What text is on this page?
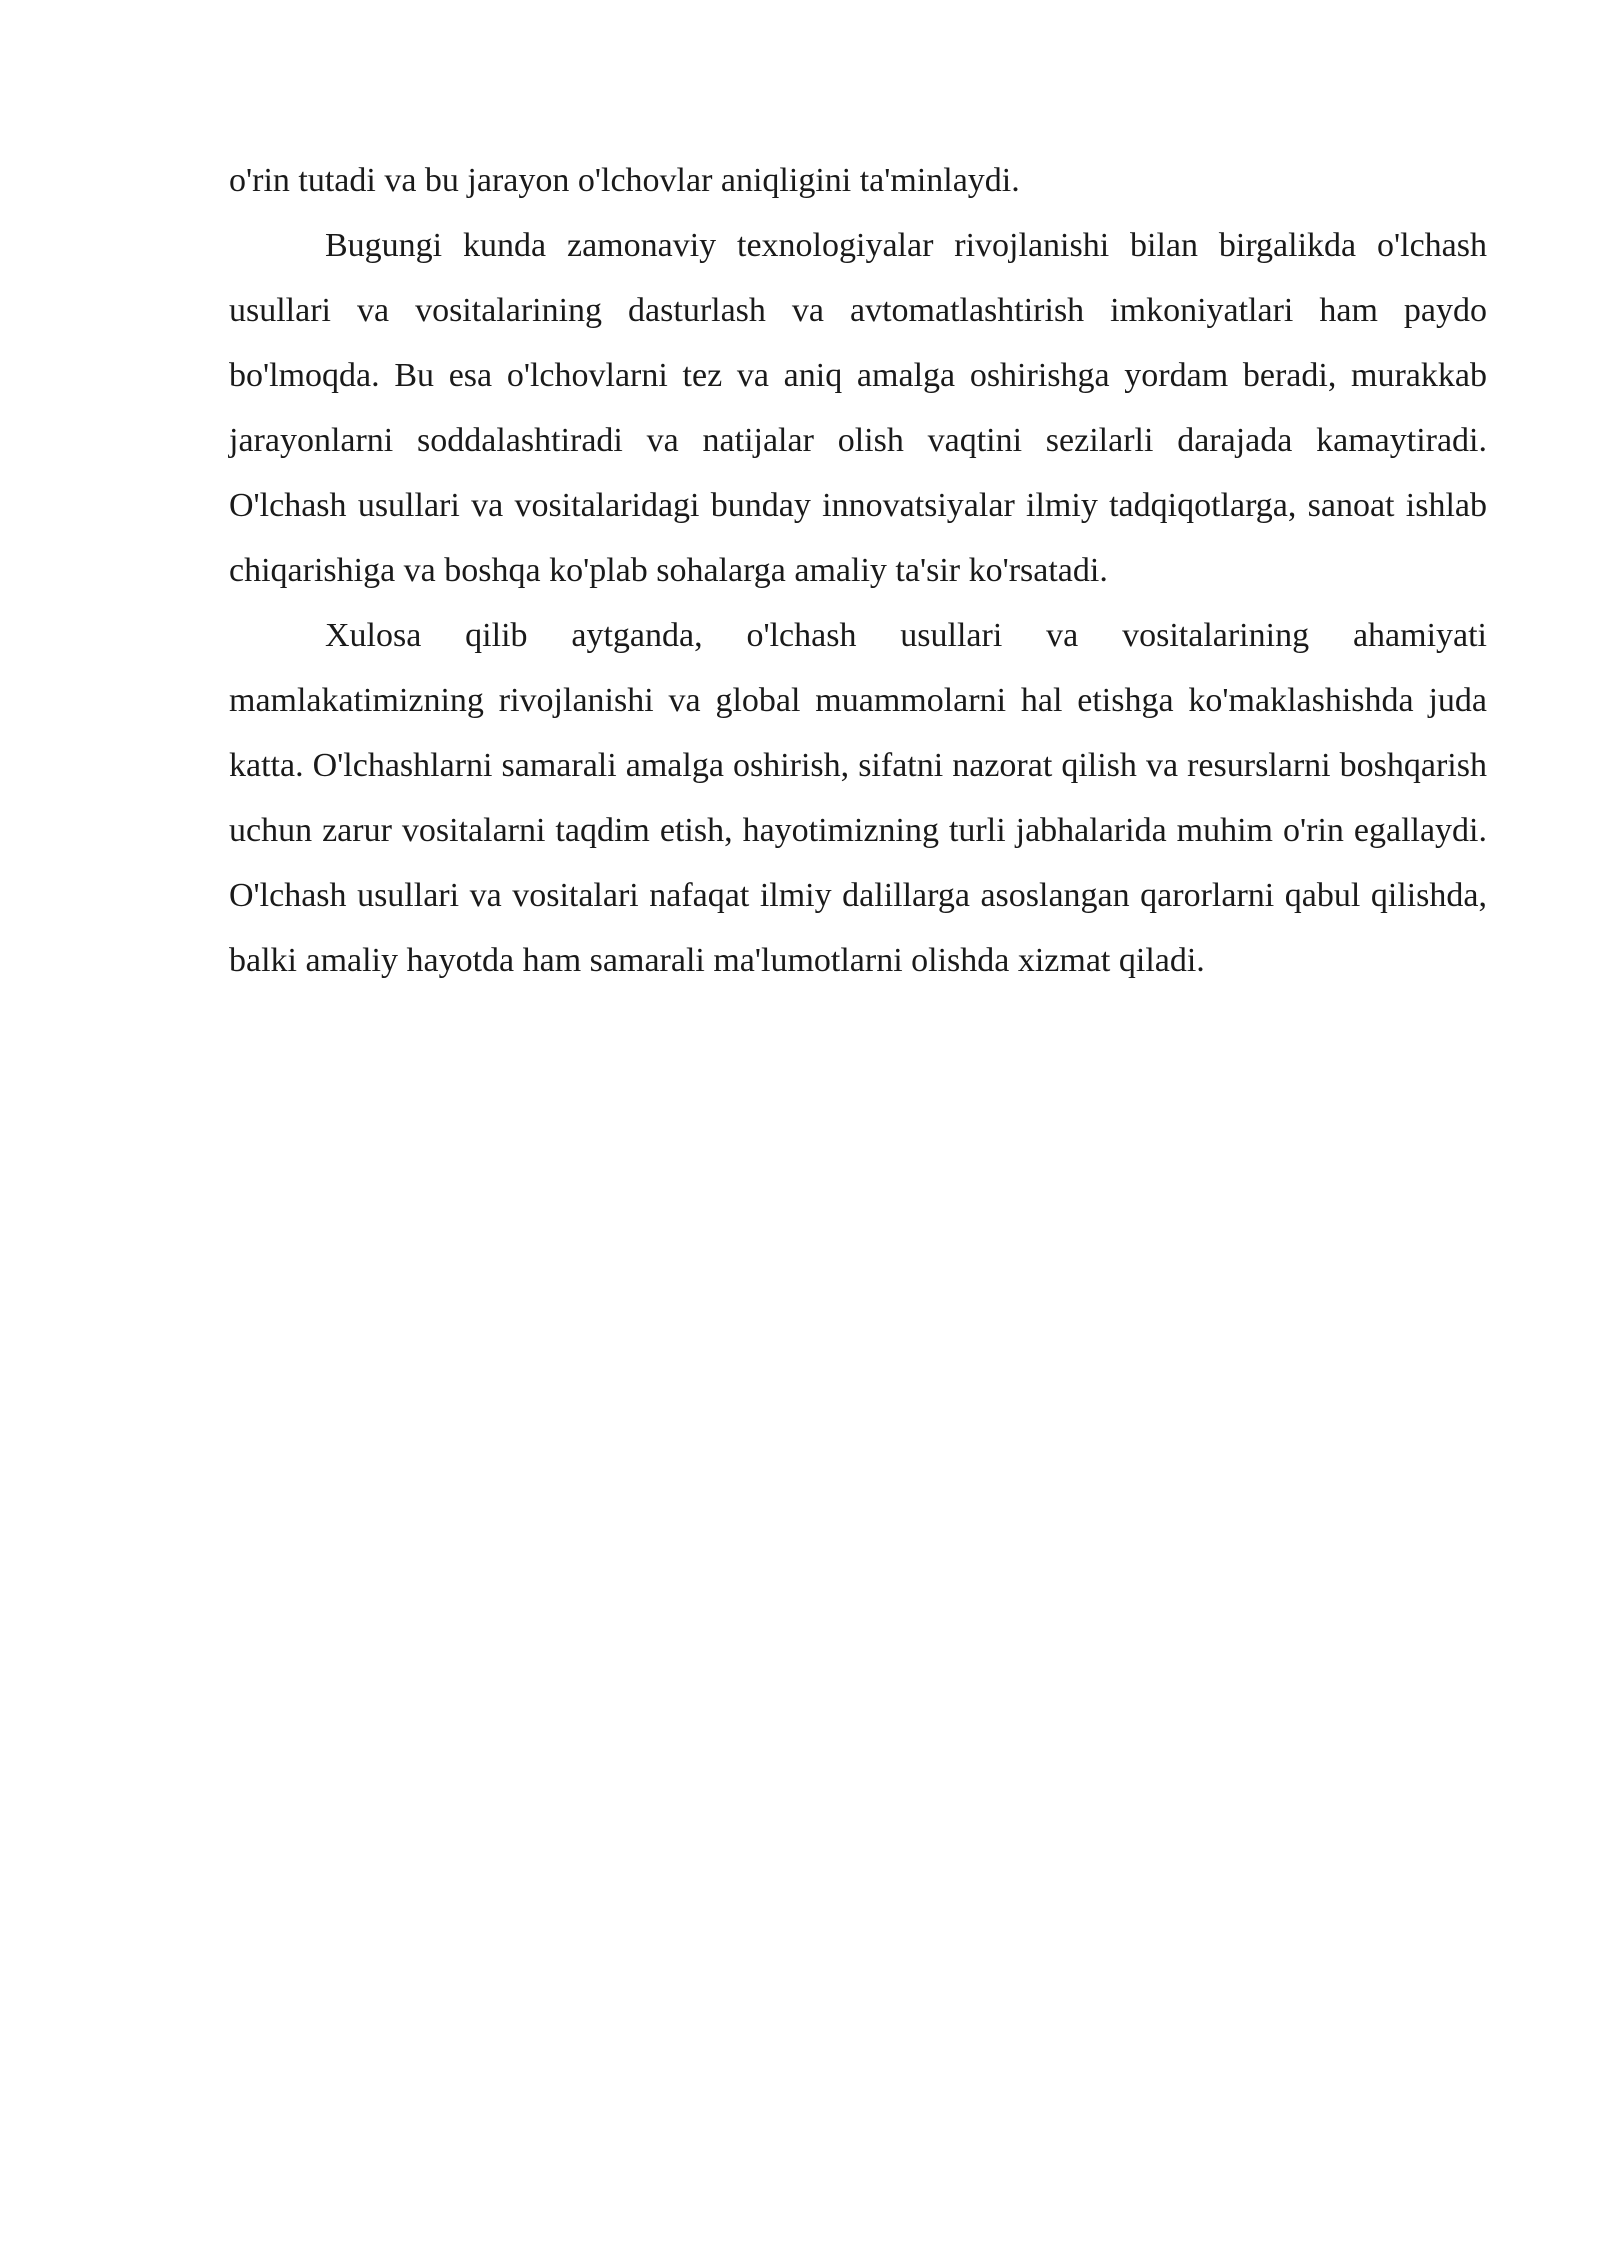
o'rin tutadi va bu jarayon o'lchovlar aniqligini ta'minlaydi.

Bugungi kunda zamonaviy texnologiyalar rivojlanishi bilan birgalikda o'lchash usullari va vositalarining dasturlash va avtomatlashtirish imkoniyatlari ham paydo bo'lmoqda. Bu esa o'lchovlarni tez va aniq amalga oshirishga yordam beradi, murakkab jarayonlarni soddalashtiradi va natijalar olish vaqtini sezilarli darajada kamaytiradi. O'lchash usullari va vositalaridagi bunday innovatsiyalar ilmiy tadqiqotlarga, sanoat ishlab chiqarishiga va boshqa ko'plab sohalarga amaliy ta'sir ko'rsatadi.

Xulosa qilib aytganda, o'lchash usullari va vositalarining ahamiyati mamlakatimizning rivojlanishi va global muammolarni hal etishga ko'maklashishda juda katta. O'lchashlarni samarali amalga oshirish, sifatni nazorat qilish va resurslarni boshqarish uchun zarur vositalarni taqdim etish, hayotimizning turli jabhalarida muhim o'rin egallaydi. O'lchash usullari va vositalari nafaqat ilmiy dalillarga asoslangan qarorlarni qabul qilishda, balki amaliy hayotda ham samarali ma'lumotlarni olishda xizmat qiladi.
